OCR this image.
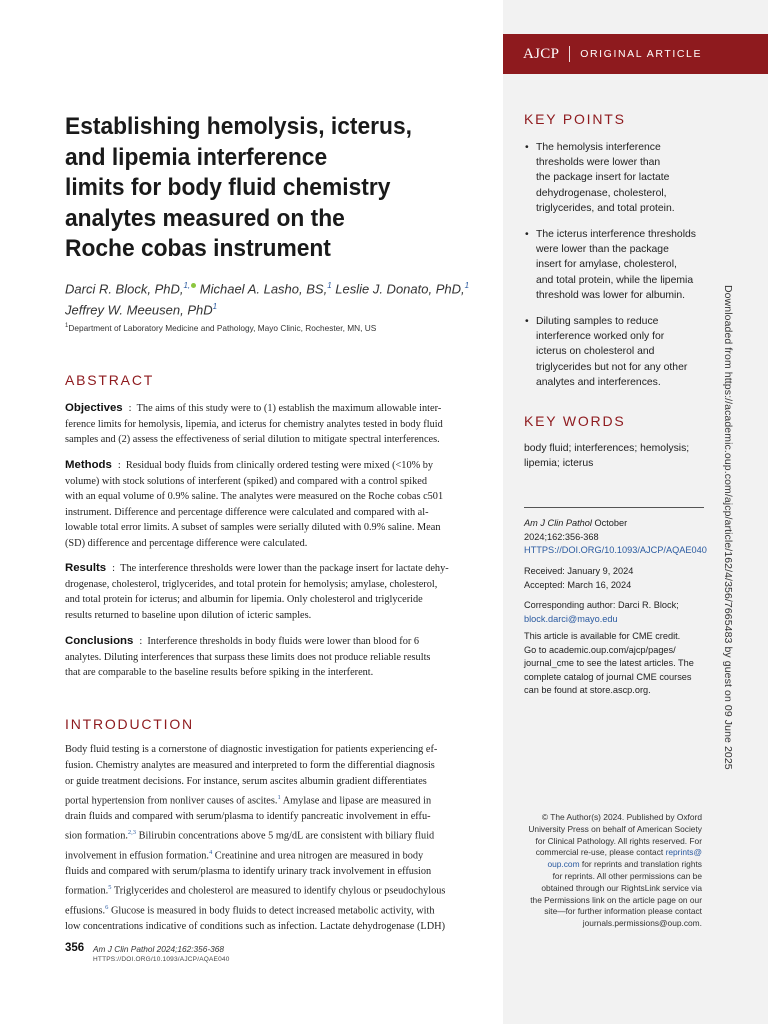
AJCP ORIGINAL ARTICLE
Establishing hemolysis, icterus,
and lipemia interference
limits for body fluid chemistry
analytes measured on the
Roche cobas instrument
Darci R. Block, PhD,$^{1,}$ Michael A. Lasho, BS,$^1$ Leslie J. Donato, PhD,$^1$
Jeffrey W. Meeusen, PhD$^1$
$^1$Department of Laboratory Medicine and Pathology, Mayo Clinic, Rochester, MN, US
ABSTRACT
Objectives :  The aims of this study were to (1) establish the maximum allowable inter-
ference limits for hemolysis, lipemia, and icterus for chemistry analytes tested in body fluid
samples and (2) assess the effectiveness of serial dilution to mitigate spectral interferences.
Methods :  Residual body fluids from clinically ordered testing were mixed (<10% by
volume) with stock solutions of interferent (spiked) and compared with a control spiked
with an equal volume of 0.9% saline. The analytes were measured on the Roche cobas c501
instrument. Difference and percentage difference were calculated and compared with al-
lowable total error limits. A subset of samples were serially diluted with 0.9% saline. Mean
(SD) difference and percentage difference were calculated.
Results :  The interference thresholds were lower than the package insert for lactate dehy-
drogenase, cholesterol, triglycerides, and total protein for hemolysis; amylase, cholesterol,
and total protein for icterus; and albumin for lipemia. Only cholesterol and triglyceride
results returned to baseline upon dilution of icteric samples.
Conclusions :  Interference thresholds in body fluids were lower than blood for 6
analytes. Diluting interferences that surpass these limits does not produce reliable results
that are comparable to the baseline results before spiking in the interferent.
INTRODUCTION
Body fluid testing is a cornerstone of diagnostic investigation for patients experiencing ef-
fusion. Chemistry analytes are measured and interpreted to form the differential diagnosis
or guide treatment decisions. For instance, serum ascites albumin gradient differentiates
portal hypertension from nonliver causes of ascites.$^1$ Amylase and lipase are measured in
drain fluids and compared with serum/plasma to identify pancreatic involvement in effu-
sion formation.$^{2,3}$ Bilirubin concentrations above 5 mg/dL are consistent with biliary fluid
involvement in effusion formation.$^4$ Creatinine and urea nitrogen are measured in body
fluids and compared with serum/plasma to identify urinary track involvement in effusion
formation.$^5$ Triglycerides and cholesterol are measured to identify chylous or pseudochylous
effusions.$^6$ Glucose is measured in body fluids to detect increased metabolic activity, with
low concentrations indicative of conditions such as infection. Lactate dehydrogenase (LDH)
356 Am J Clin Pathol 2024;162:356-368
HTTPS://DOI.ORG/10.1093/AJCP/AQAE040
KEY POINTS
• The hemolysis interference
thresholds were lower than
the package insert for lactate
dehydrogenase, cholesterol,
triglycerides, and total protein.
• The icterus interference thresholds
were lower than the package
insert for amylase, cholesterol,
and total protein, while the lipemia
threshold was lower for albumin.
• Diluting samples to reduce
interference worked only for
icterus on cholesterol and
triglycerides but not for any other
analytes and interferences.
KEY WORDS
body fluid; interferences; hemolysis;
lipemia; icterus
Am J Clin Pathol October
2024;162:356-368
HTTPS://DOI.ORG/10.1093/AJCP/AQAE040
Received: January 9, 2024
Accepted: March 16, 2024
Corresponding author: Darci R. Block;
block.darci@mayo.edu
This article is available for CME credit.
Go to academic.oup.com/ajcp/pages/
journal_cme to see the latest articles. The
complete catalog of journal CME courses
can be found at store.ascp.org.
© The Author(s) 2024. Published by Oxford
University Press on behalf of American Society
for Clinical Pathology. All rights reserved. For
commercial re-use, please contact reprints@
oup.com for reprints and translation rights
for reprints. All other permissions can be
obtained through our RightsLink service via
the Permissions link on the article page on our
site—for further information please contact
journals.permissions@oup.com.
Downloaded from https://academic.oup.com/ajcp/article/162/4/356/7665483 by guest on 09 June 2025
